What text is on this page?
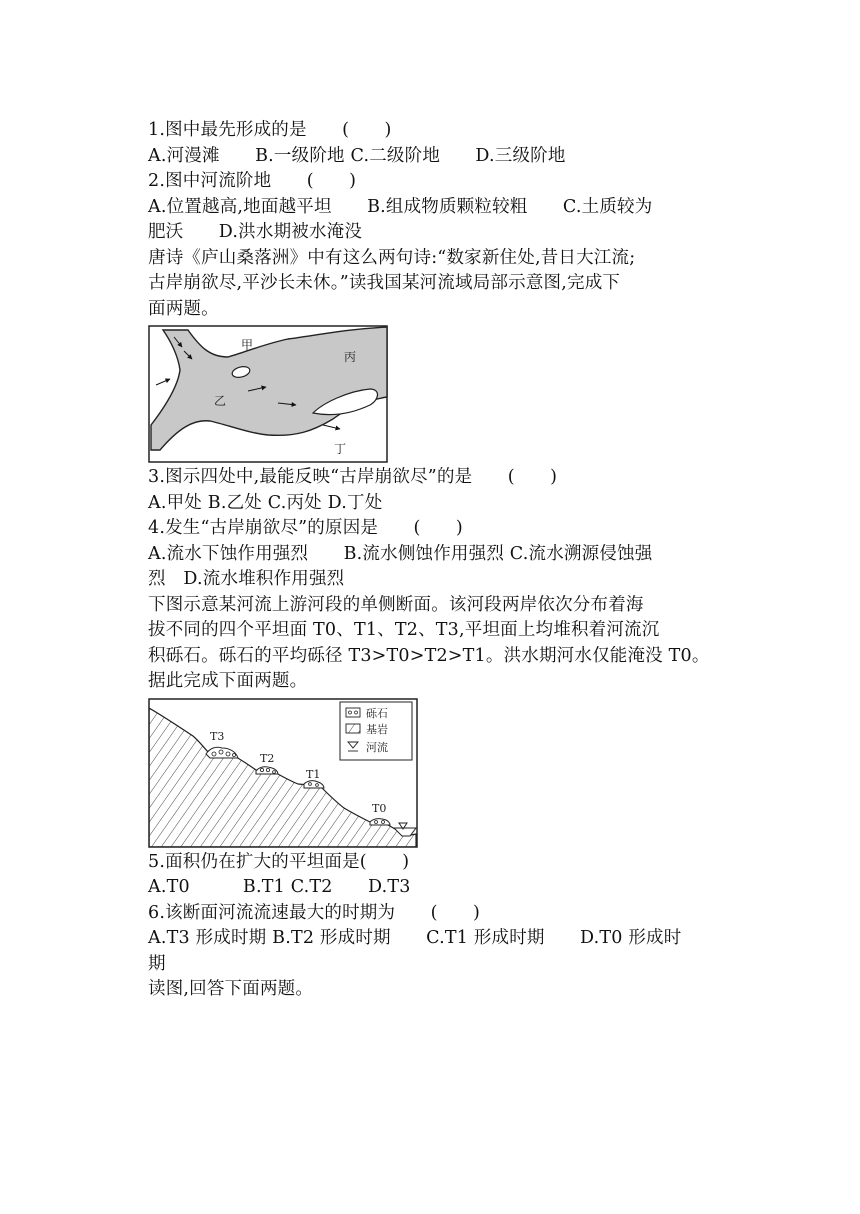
1.图中最先形成的是　　(　　)
A.河漫滩　　B.一级阶地 C.二级阶地　　D.三级阶地
2.图中河流阶地　　(　　)
A.位置越高,地面越平坦　　B.组成物质颗粒较粗　　C.土质较为
肥沃　　D.洪水期被水淹没
唐诗《庐山桑落洲》中有这么两句诗:“数家新住处,昔日大江流;
古岸崩欲尽,平沙长未休。”读我国某河流域局部示意图,完成下
面两题。
甲
乙
丙
丁
3.图示四处中,最能反映“古岸崩欲尽”的是　　(　　)
A.甲处 B.乙处 C.丙处 D.丁处
4.发生“古岸崩欲尽”的原因是　　(　　)
A.流水下蚀作用强烈　　B.流水侧蚀作用强烈 C.流水溯源侵蚀强
烈　D.流水堆积作用强烈
下图示意某河流上游河段的单侧断面。该河段两岸依次分布着海
拔不同的四个平坦面 T0、T1、T2、T3,平坦面上均堆积着河流沉
积砾石。砾石的平均砾径 T3>T0>T2>T1。洪水期河水仅能淹没 T0。
据此完成下面两题。
T3
T2
T1
T0
砾石
基岩
河流
5.面积仍在扩大的平坦面是(　　)
A.T0　　　B.T1 C.T2　　D.T3
6.该断面河流流速最大的时期为　　(　　)
A.T3 形成时期 B.T2 形成时期　　C.T1 形成时期　　D.T0 形成时
期
读图,回答下面两题。
